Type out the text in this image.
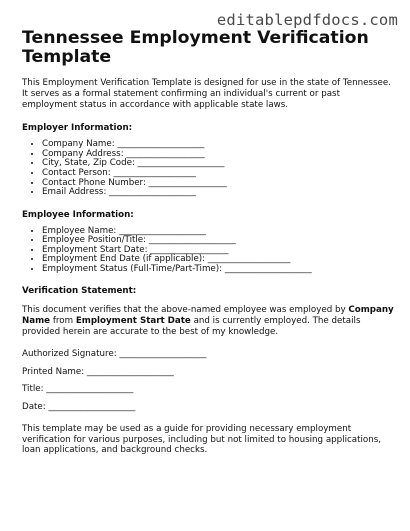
editablepdfdocs.com
Tennessee Employment Verification Template

This Employment Verification Template is designed for use in the state of Tennessee. It serves as a formal statement confirming an individual's current or past employment status in accordance with applicable state laws.

Employer Information:

• Company Name: ____________________
• Company Address: __________________
• City, State, Zip Code: ____________________
• Contact Person: ___________________
• Contact Phone Number: __________________
• Email Address: ____________________

Employee Information:

• Employee Name: ____________________
• Employee Position/Title: ____________________
• Employment Start Date: __________________
• Employment End Date (if applicable): ___________________
• Employment Status (Full-Time/Part-Time): ____________________

Verification Statement:

This document verifies that the above-named employee was employed by Company Name from Employment Start Date and is currently employed. The details provided herein are accurate to the best of my knowledge.

Authorized Signature: ____________________

Printed Name: ____________________

Title: ____________________

Date: ____________________

This template may be used as a guide for providing necessary employment verification for various purposes, including but not limited to housing applications, loan applications, and background checks.
